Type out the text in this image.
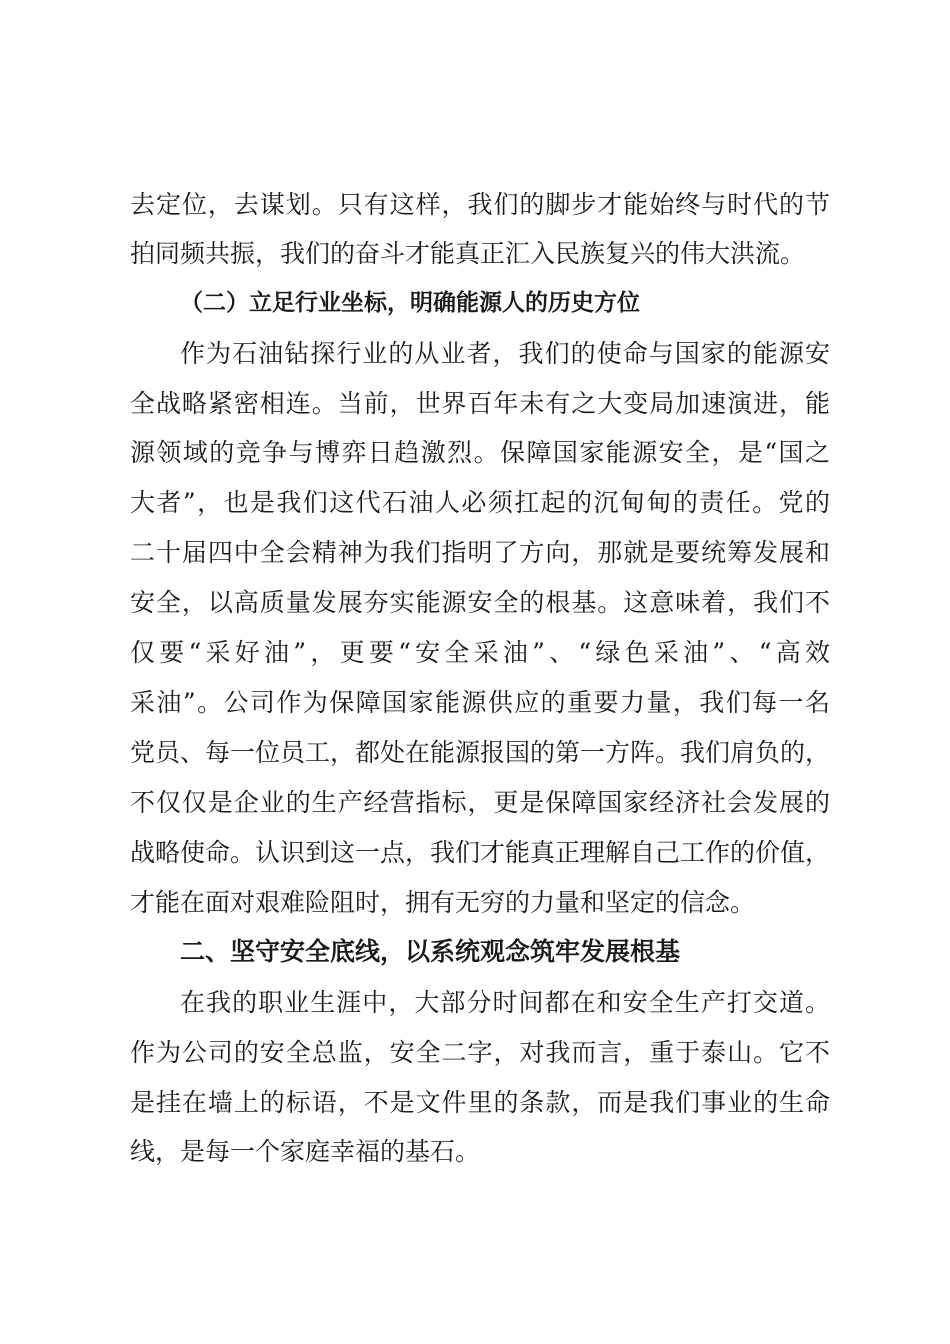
去定位，去谋划。只有这样，我们的脚步才能始终与时代的节
拍同频共振，我们的奋斗才能真正汇入民族复兴的伟大洪流。
（二）立足行业坐标，明确能源人的历史方位
作为石油钻探行业的从业者，我们的使命与国家的能源安
全战略紧密相连。当前，世界百年未有之大变局加速演进，能
源领域的竞争与博弈日趋激烈。保障国家能源安全，是“国之
大者”，也是我们这代石油人必须扛起的沉甸甸的责任。党的
二十届四中全会精神为我们指明了方向，那就是要统筹发展和
安全，以高质量发展夯实能源安全的根基。这意味着，我们不
仅要“采好油”，更要“安全采油”、“绿色采油”、“高效
采油”。公司作为保障国家能源供应的重要力量，我们每一名
党员、每一位员工，都处在能源报国的第一方阵。我们肩负的，
不仅仅是企业的生产经营指标，更是保障国家经济社会发展的
战略使命。认识到这一点，我们才能真正理解自己工作的价值，
才能在面对艰难险阻时，拥有无穷的力量和坚定的信念。
二、坚守安全底线，以系统观念筑牢发展根基
在我的职业生涯中，大部分时间都在和安全生产打交道。
作为公司的安全总监，安全二字，对我而言，重于泰山。它不
是挂在墙上的标语，不是文件里的条款，而是我们事业的生命
线，是每一个家庭幸福的基石。
